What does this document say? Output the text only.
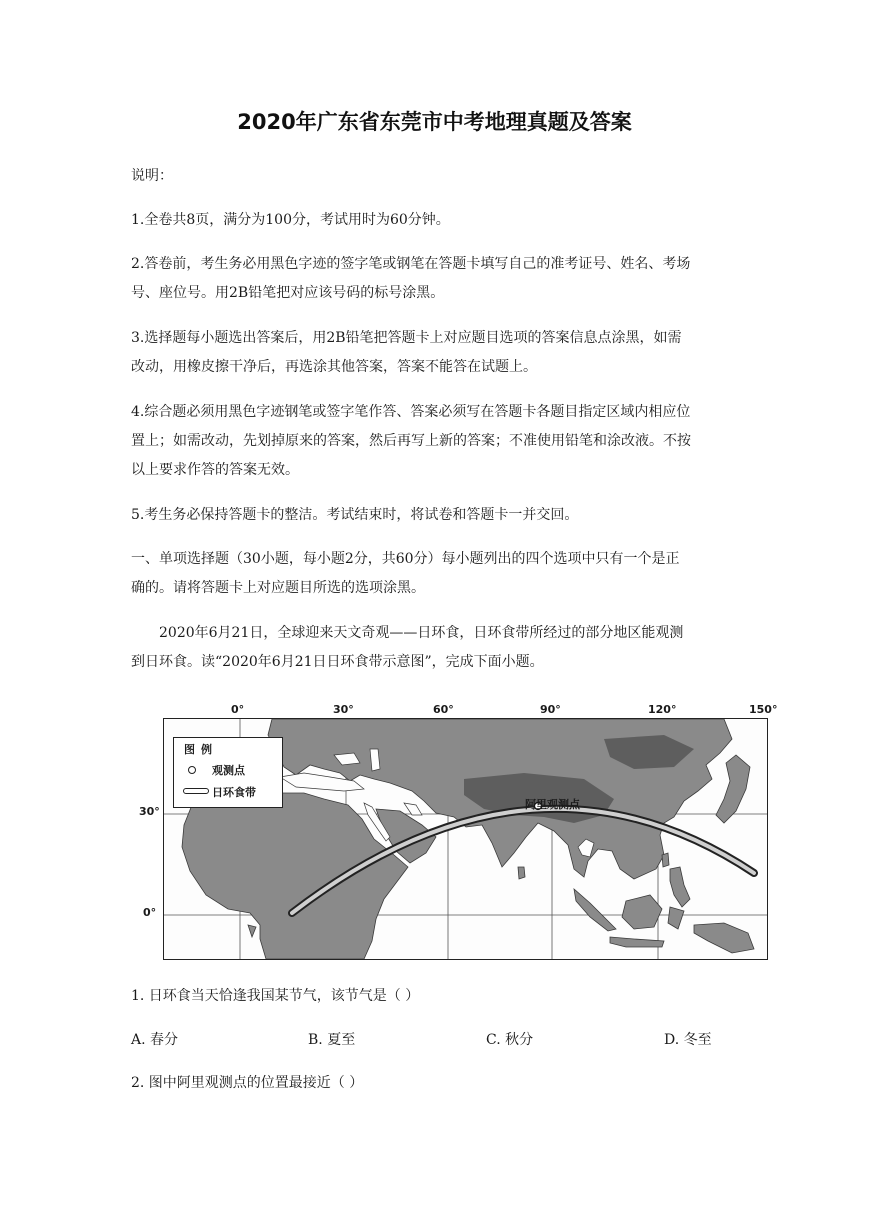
2020年广东省东莞市中考地理真题及答案
说明：
1.全卷共8页，满分为100分，考试用时为60分钟。
2.答卷前，考生务必用黑色字迹的签字笔或钢笔在答题卡填写自己的准考证号、姓名、考场
号、座位号。用2B铅笔把对应该号码的标号涂黑。
3.选择题每小题选出答案后，用2B铅笔把答题卡上对应题目选项的答案信息点涂黑，如需
改动，用橡皮擦干净后，再选涂其他答案，答案不能答在试题上。
4.综合题必须用黑色字迹钢笔或签字笔作答、答案必须写在答题卡各题目指定区域内相应位
置上；如需改动，先划掉原来的答案，然后再写上新的答案；不准使用铅笔和涂改液。不按
以上要求作答的答案无效。
5.考生务必保持答题卡的整洁。考试结束时，将试卷和答题卡一并交回。
一、单项选择题（30小题，每小题2分，共60分）每小题列出的四个选项中只有一个是正
确的。请将答题卡上对应题目所选的选项涂黑。
2020年6月21日，全球迎来天文奇观——日环食，日环食带所经过的部分地区能观测
到日环食。读“2020年6月21日日环食带示意图”，完成下面小题。
0°	30°	60°	90°	120°	150°
30°
0°
阿里观测点
图例
观测点
日环食带
1. 日环食当天恰逢我国某节气，该节气是（ ）
A. 春分	B. 夏至	C. 秋分	D. 冬至
2. 图中阿里观测点的位置最接近（ ）
